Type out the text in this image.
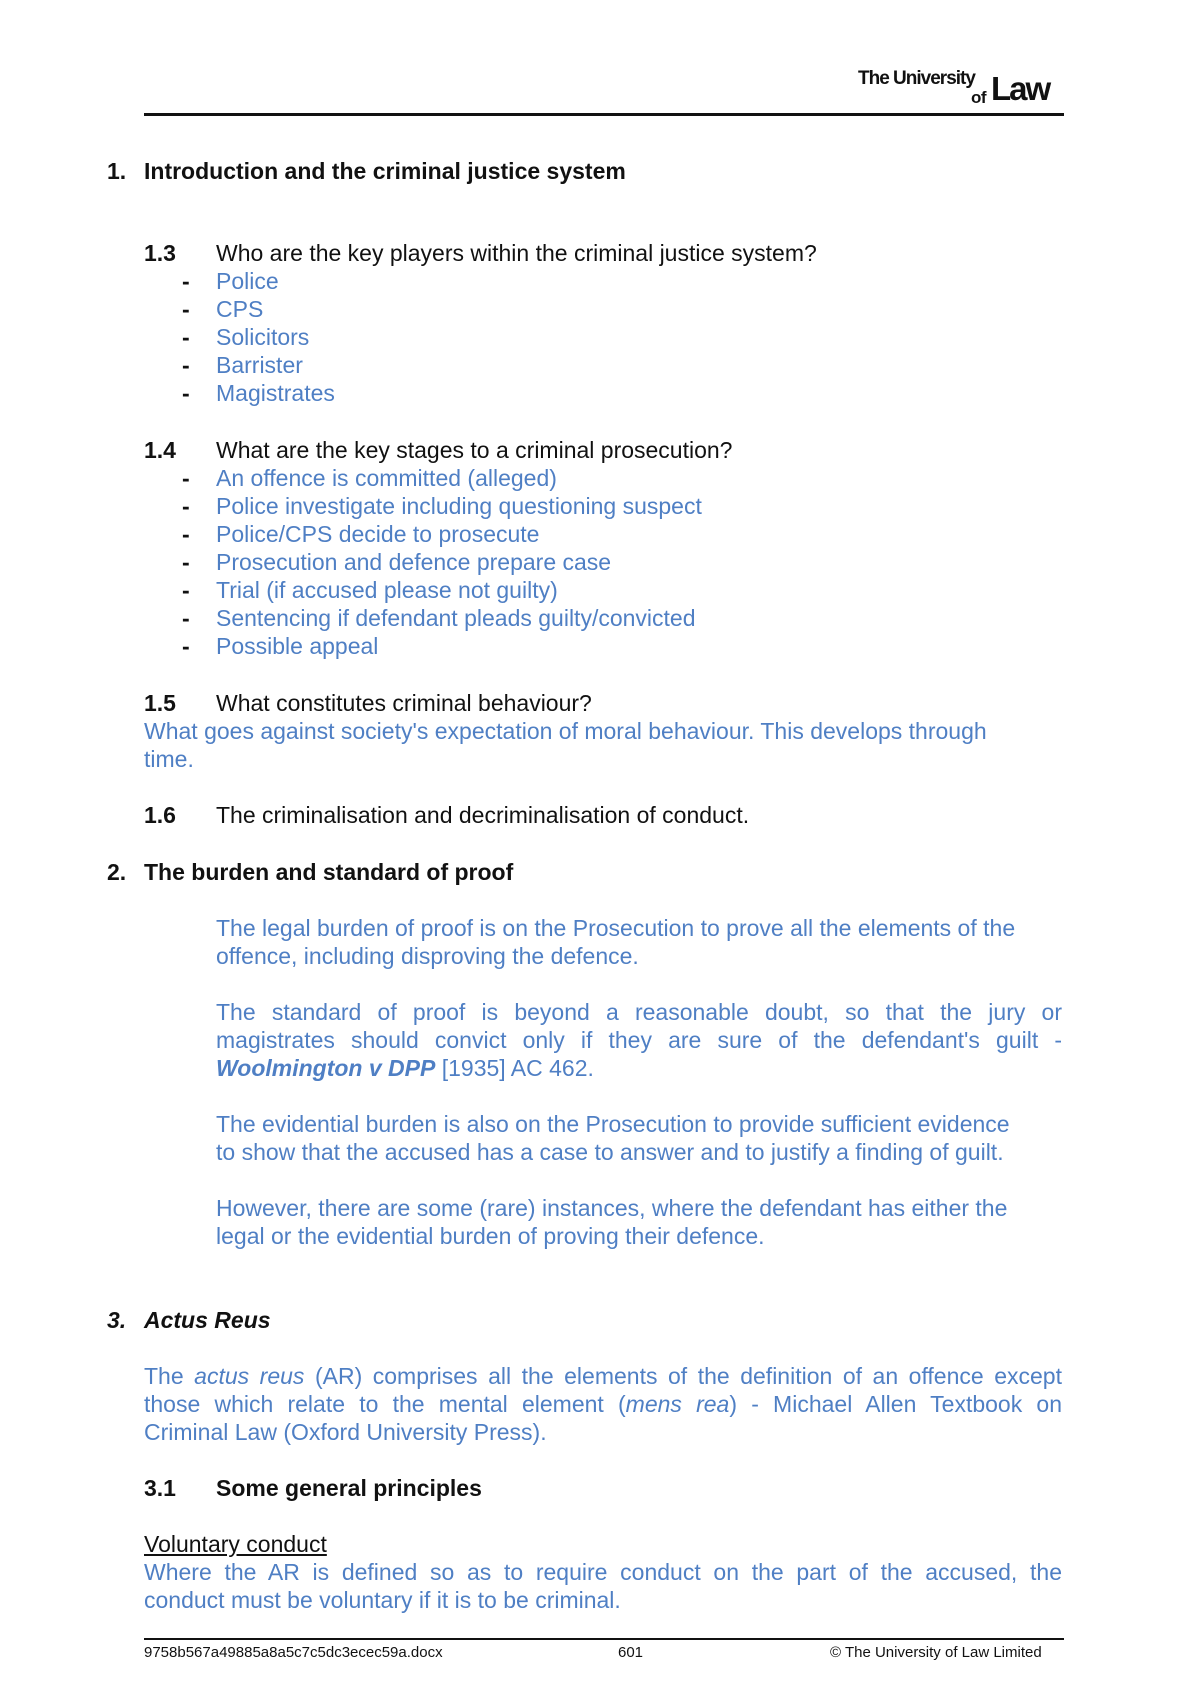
The University
of Law
1. Introduction and the criminal justice system
1.3 Who are the key players within the criminal justice system?
- Police
- CPS
- Solicitors
- Barrister
- Magistrates
1.4 What are the key stages to a criminal prosecution?
- An offence is committed (alleged)
- Police investigate including questioning suspect
- Police/CPS decide to prosecute
- Prosecution and defence prepare case
- Trial (if accused please not guilty)
- Sentencing if defendant pleads guilty/convicted
- Possible appeal
1.5 What constitutes criminal behaviour?
What goes against society's expectation of moral behaviour. This develops through
time.
1.6 The criminalisation and decriminalisation of conduct.
2. The burden and standard of proof
The legal burden of proof is on the Prosecution to prove all the elements of the
offence, including disproving the defence.
The standard of proof is beyond a reasonable doubt, so that the jury or
magistrates should convict only if they are sure of the defendant's guilt -
Woolmington v DPP [1935] AC 462.
The evidential burden is also on the Prosecution to provide sufficient evidence
to show that the accused has a case to answer and to justify a finding of guilt.
However, there are some (rare) instances, where the defendant has either the
legal or the evidential burden of proving their defence.
3. Actus Reus
The actus reus (AR) comprises all the elements of the definition of an offence except
those which relate to the mental element (mens rea) - Michael Allen Textbook on
Criminal Law (Oxford University Press).
3.1 Some general principles
Voluntary conduct
Where the AR is defined so as to require conduct on the part of the accused, the
conduct must be voluntary if it is to be criminal.
9758b567a49885a8a5c7c5dc3ecec59a.docx	601	© The University of Law Limited
